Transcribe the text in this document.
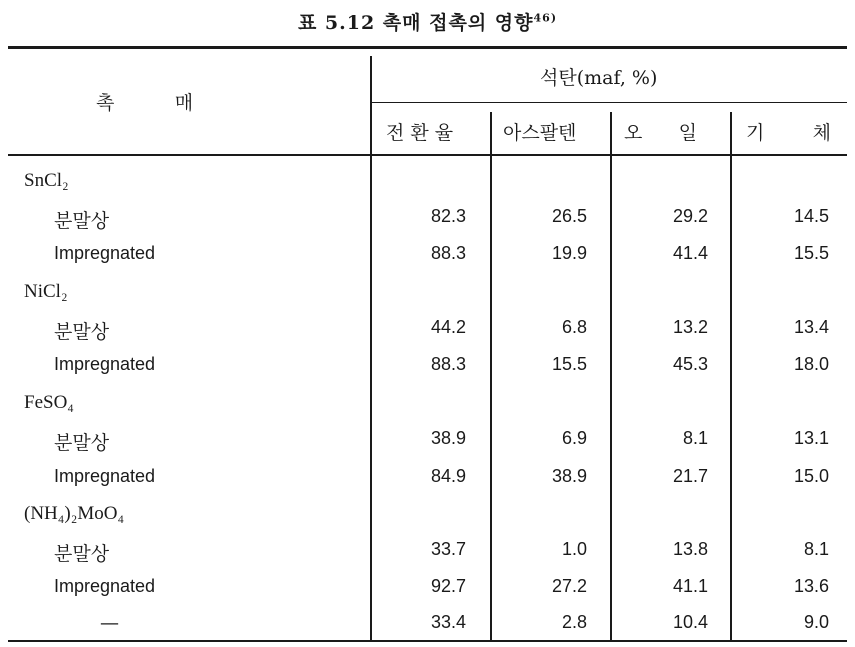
표 5.12 촉매 접촉의 영향$^{46)}$
촉          매
석탄(maf, %)
전 환 율	아스팔텐	오      일	기        체
SnCl₂
분말상	82.3	26.5	29.2	14.5
Impregnated	88.3	19.9	41.4	15.5
NiCl₂
분말상	44.2	6.8	13.2	13.4
Impregnated	88.3	15.5	45.3	18.0
FeSO₄
분말상	38.9	6.9	8.1	13.1
Impregnated	84.9	38.9	21.7	15.0
(NH₄)₂MoO₄
분말상	33.7	1.0	13.8	8.1
Impregnated	92.7	27.2	41.1	13.6
—	33.4	2.8	10.4	9.0
